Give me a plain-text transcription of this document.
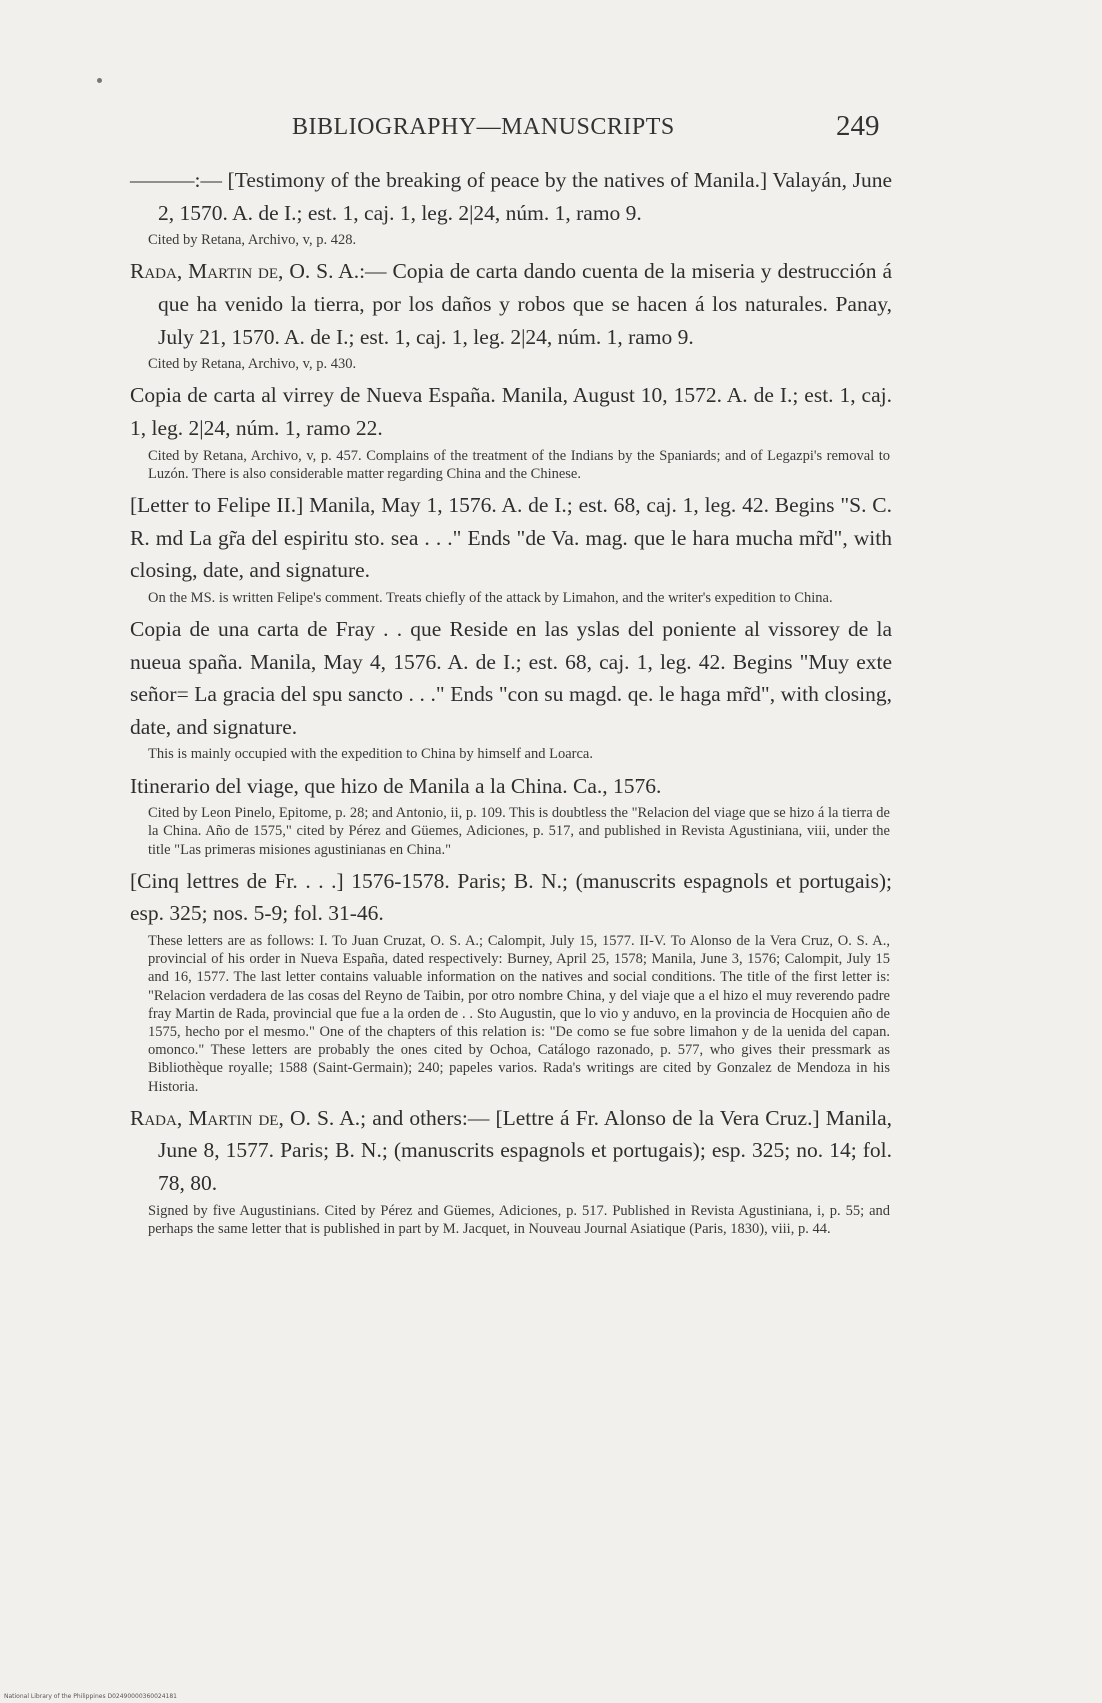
BIBLIOGRAPHY—MANUSCRIPTS	249

———:— [Testimony of the breaking of peace by the natives of Manila.] Valayán, June 2, 1570. A. de I.; est. 1, caj. 1, leg. 2|24, núm. 1, ramo 9.

Cited by Retana, Archivo, v, p. 428.

Rada, Martin de, O. S. A.:— Copia de carta dando cuenta de la miseria y destrucción á que ha venido la tierra, por los daños y robos que se hacen á los naturales. Panay, July 21, 1570. A. de I.; est. 1, caj. 1, leg. 2|24, núm. 1, ramo 9.

Cited by Retana, Archivo, v, p. 430.

Copia de carta al virrey de Nueva España. Manila, August 10, 1572. A. de I.; est. 1, caj. 1, leg. 2|24, núm. 1, ramo 22.

Cited by Retana, Archivo, v, p. 457. Complains of the treatment of the Indians by the Spaniards; and of Legazpi's removal to Luzón. There is also considerable matter regarding China and the Chinese.

[Letter to Felipe II.] Manila, May 1, 1576. A. de I.; est. 68, caj. 1, leg. 42. Begins "S. C. R. md La gr̃a del espiritu sto. sea . . ." Ends "de Va. mag. que le hara mucha mr̃d", with closing, date, and signature.

On the MS. is written Felipe's comment. Treats chiefly of the attack by Limahon, and the writer's expedition to China.

Copia de una carta de Fray . . que Reside en las yslas del poniente al vissorey de la nueua spaña. Manila, May 4, 1576. A. de I.; est. 68, caj. 1, leg. 42. Begins "Muy exte señor= La gracia del spu sancto . . ." Ends "con su magd. qe. le haga mr̃d", with closing, date, and signature.

This is mainly occupied with the expedition to China by himself and Loarca.

Itinerario del viage, que hizo de Manila a la China. Ca., 1576.

Cited by Leon Pinelo, Epitome, p. 28; and Antonio, ii, p. 109. This is doubtless the "Relacion del viage que se hizo á la tierra de la China. Año de 1575," cited by Pérez and Güemes, Adiciones, p. 517, and published in Revista Agustiniana, viii, under the title "Las primeras misiones agustinianas en China."

[Cinq lettres de Fr. . . .] 1576-1578. Paris; B. N.; (manuscrits espagnols et portugais); esp. 325; nos. 5-9; fol. 31-46.

These letters are as follows: I. To Juan Cruzat, O. S. A.; Calompit, July 15, 1577. II-V. To Alonso de la Vera Cruz, O. S. A., provincial of his order in Nueva España, dated respectively: Burney, April 25, 1578; Manila, June 3, 1576; Calompit, July 15 and 16, 1577. The last letter contains valuable information on the natives and social conditions. The title of the first letter is: "Relacion verdadera de las cosas del Reyno de Taibin, por otro nombre China, y del viaje que a el hizo el muy reverendo padre fray Martin de Rada, provincial que fue a la orden de . . Sto Augustin, que lo vio y anduvo, en la provincia de Hocquien año de 1575, hecho por el mesmo." One of the chapters of this relation is: "De como se fue sobre limahon y de la uenida del capan. omonco." These letters are probably the ones cited by Ochoa, Catálogo razonado, p. 577, who gives their pressmark as Bibliothèque royalle; 1588 (Saint-Germain); 240; papeles varios. Rada's writings are cited by Gonzalez de Mendoza in his Historia.

Rada, Martin de, O. S. A.; and others:— [Lettre á Fr. Alonso de la Vera Cruz.] Manila, June 8, 1577. Paris; B. N.; (manuscrits espagnols et portugais); esp. 325; no. 14; fol. 78, 80.

Signed by five Augustinians. Cited by Pérez and Güemes, Adiciones, p. 517. Published in Revista Agustiniana, i, p. 55; and perhaps the same letter that is published in part by M. Jacquet, in Nouveau Journal Asiatique (Paris, 1830), viii, p. 44.

National Library of the Philippines D02490000360024181
